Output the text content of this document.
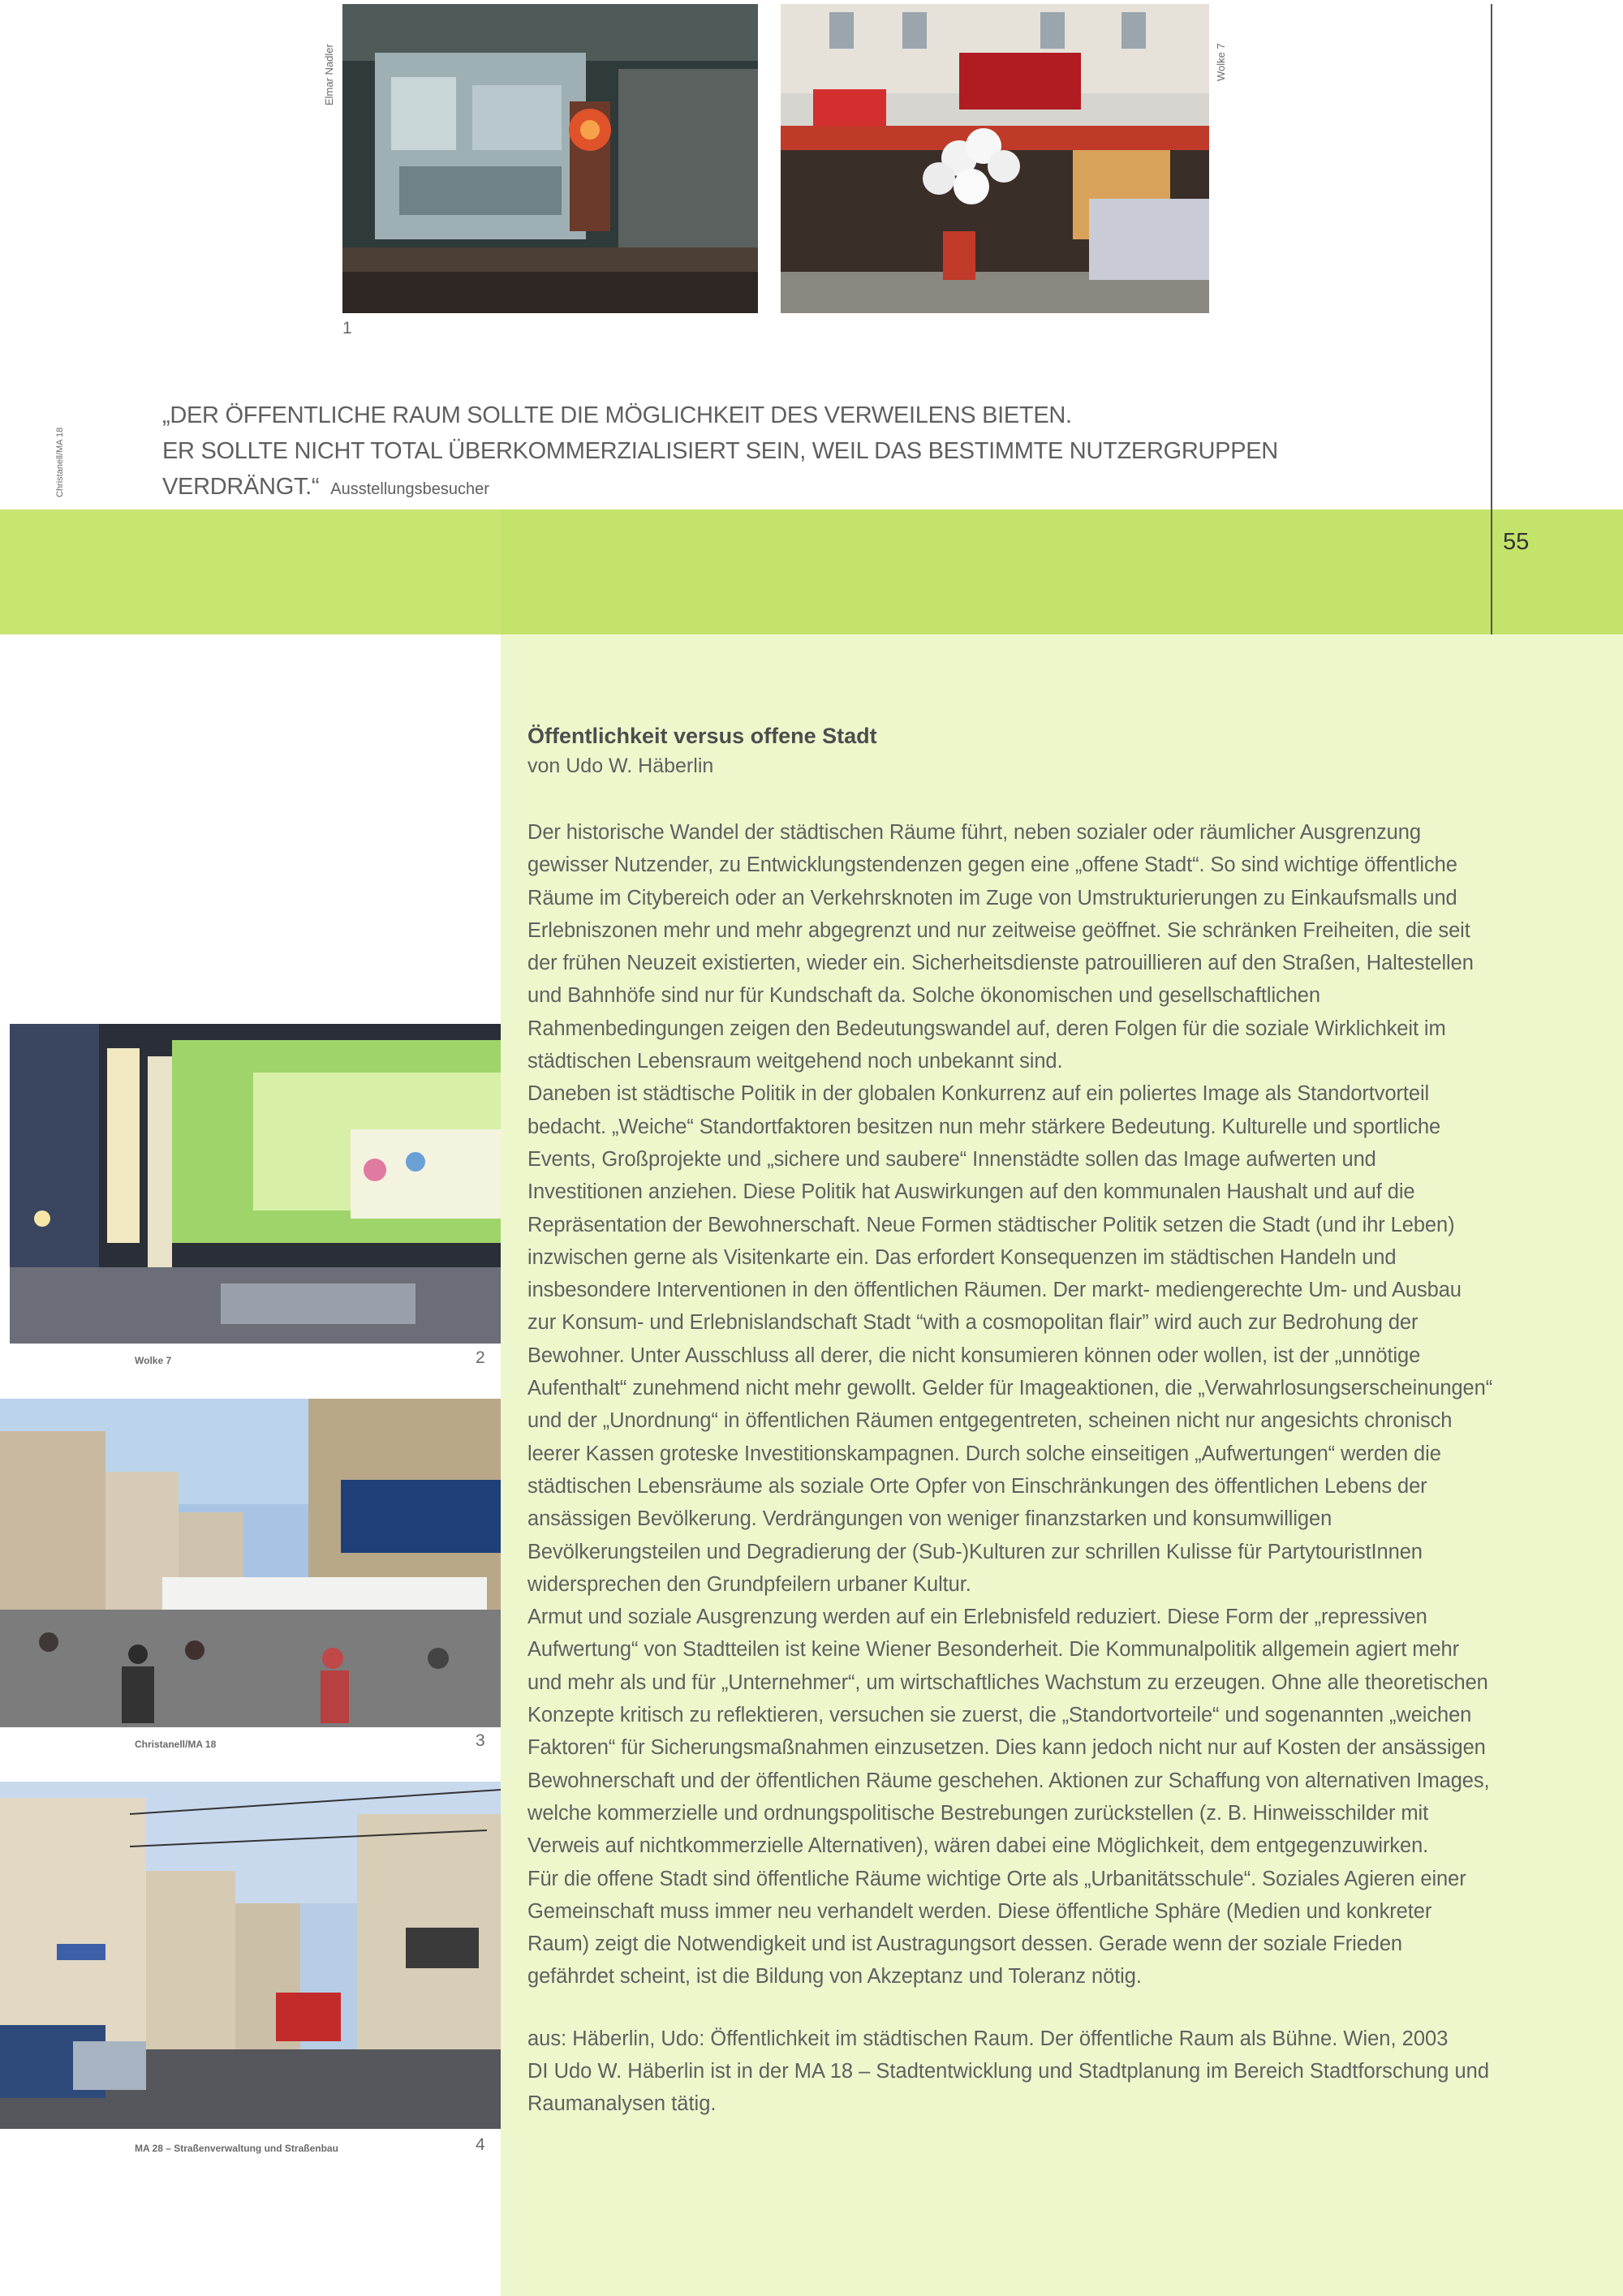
55
Elmar Nadler
1
Wolke 7
Christanell/MA 18
„DER ÖFFENTLICHE RAUM SOLLTE DIE MÖGLICHKEIT DES VERWEILENS BIETEN.
ER SOLLTE NICHT TOTAL ÜBERKOMMERZIALISIERT SEIN, WEIL DAS BESTIMMTE NUTZERGRUPPEN VERDRÄNGT.“ Ausstellungsbesucher
Wolke 7	2
Christanell/MA 18	3
MA 28 – Straßenverwaltung und Straßenbau	4
Öffentlichkeit versus offene Stadt
von Udo W. Häberlin

Der historische Wandel der städtischen Räume führt, neben sozialer oder räumlicher Ausgrenzung gewisser Nutzender, zu Entwicklungstendenzen gegen eine „offene Stadt“. So sind wichtige öffentliche Räume im Citybereich oder an Verkehrsknoten im Zuge von Umstrukturierungen zu Einkaufsmalls und Erlebniszonen mehr und mehr abgegrenzt und nur zeitweise geöffnet. Sie schränken Freiheiten, die seit der frühen Neuzeit existierten, wieder ein. Sicherheitsdienste patrouillieren auf den Straßen, Haltestellen und Bahnhöfe sind nur für Kundschaft da. Solche ökonomischen und gesellschaftlichen Rahmenbedingungen zeigen den Bedeutungswandel auf, deren Folgen für die soziale Wirklichkeit im städtischen Lebensraum weitgehend noch unbekannt sind.

Daneben ist städtische Politik in der globalen Konkurrenz auf ein poliertes Image als Standortvorteil bedacht. „Weiche“ Standortfaktoren besitzen nun mehr stärkere Bedeutung. Kulturelle und sportliche Events, Großprojekte und „sichere und saubere“ Innenstädte sollen das Image aufwerten und Investitionen anziehen. Diese Politik hat Auswirkungen auf den kommunalen Haushalt und auf die Repräsentation der Bewohnerschaft. Neue Formen städtischer Politik setzen die Stadt (und ihr Leben) inzwischen gerne als Visitenkarte ein. Das erfordert Konsequenzen im städtischen Handeln und insbesondere Interventionen in den öffentlichen Räumen. Der markt- mediengerechte Um- und Ausbau zur Konsum- und Erlebnislandschaft Stadt “with a cosmopolitan flair” wird auch zur Bedrohung der Bewohner. Unter Ausschluss all derer, die nicht konsumieren können oder wollen, ist der „unnötige Aufenthalt“ zunehmend nicht mehr gewollt. Gelder für Imageaktionen, die „Verwahrlosungserscheinungen“ und der „Unordnung“ in öffentlichen Räumen entgegentreten, scheinen nicht nur angesichts chronisch leerer Kassen groteske Investitionskampagnen. Durch solche einseitigen „Aufwertungen“ werden die städtischen Lebensräume als soziale Orte Opfer von Einschränkungen des öffentlichen Lebens der ansässigen Bevölkerung. Verdrängungen von weniger finanzstarken und konsumwilligen Bevölkerungsteilen und Degradierung der (Sub-)Kulturen zur schrillen Kulisse für PartytouristInnen widersprechen den Grundpfeilern urbaner Kultur.

Armut und soziale Ausgrenzung werden auf ein Erlebnisfeld reduziert. Diese Form der „repressiven Aufwertung“ von Stadtteilen ist keine Wiener Besonderheit. Die Kommunalpolitik allgemein agiert mehr und mehr als und für „Unternehmer“, um wirtschaftliches Wachstum zu erzeugen. Ohne alle theoretischen Konzepte kritisch zu reflektieren, versuchen sie zuerst, die „Standortvorteile“ und sogenannten „weichen Faktoren“ für Sicherungsmaßnahmen einzusetzen. Dies kann jedoch nicht nur auf Kosten der ansässigen Bewohnerschaft und der öffentlichen Räume geschehen. Aktionen zur Schaffung von alternativen Images, welche kommerzielle und ordnungspolitische Bestrebungen zurückstellen (z. B. Hinweisschilder mit Verweis auf nichtkommerzielle Alternativen), wären dabei eine Möglichkeit, dem entgegenzuwirken.

Für die offene Stadt sind öffentliche Räume wichtige Orte als „Urbanitätsschule“. Soziales Agieren einer Gemeinschaft muss immer neu verhandelt werden. Diese öffentliche Sphäre (Medien und konkreter Raum) zeigt die Notwendigkeit und ist Austragungsort dessen. Gerade wenn der soziale Frieden gefährdet scheint, ist die Bildung von Akzeptanz und Toleranz nötig.

aus: Häberlin, Udo: Öffentlichkeit im städtischen Raum. Der öffentliche Raum als Bühne. Wien, 2003

DI Udo W. Häberlin ist in der MA 18 – Stadtentwicklung und Stadtplanung im Bereich Stadtforschung und Raumanalysen tätig.
